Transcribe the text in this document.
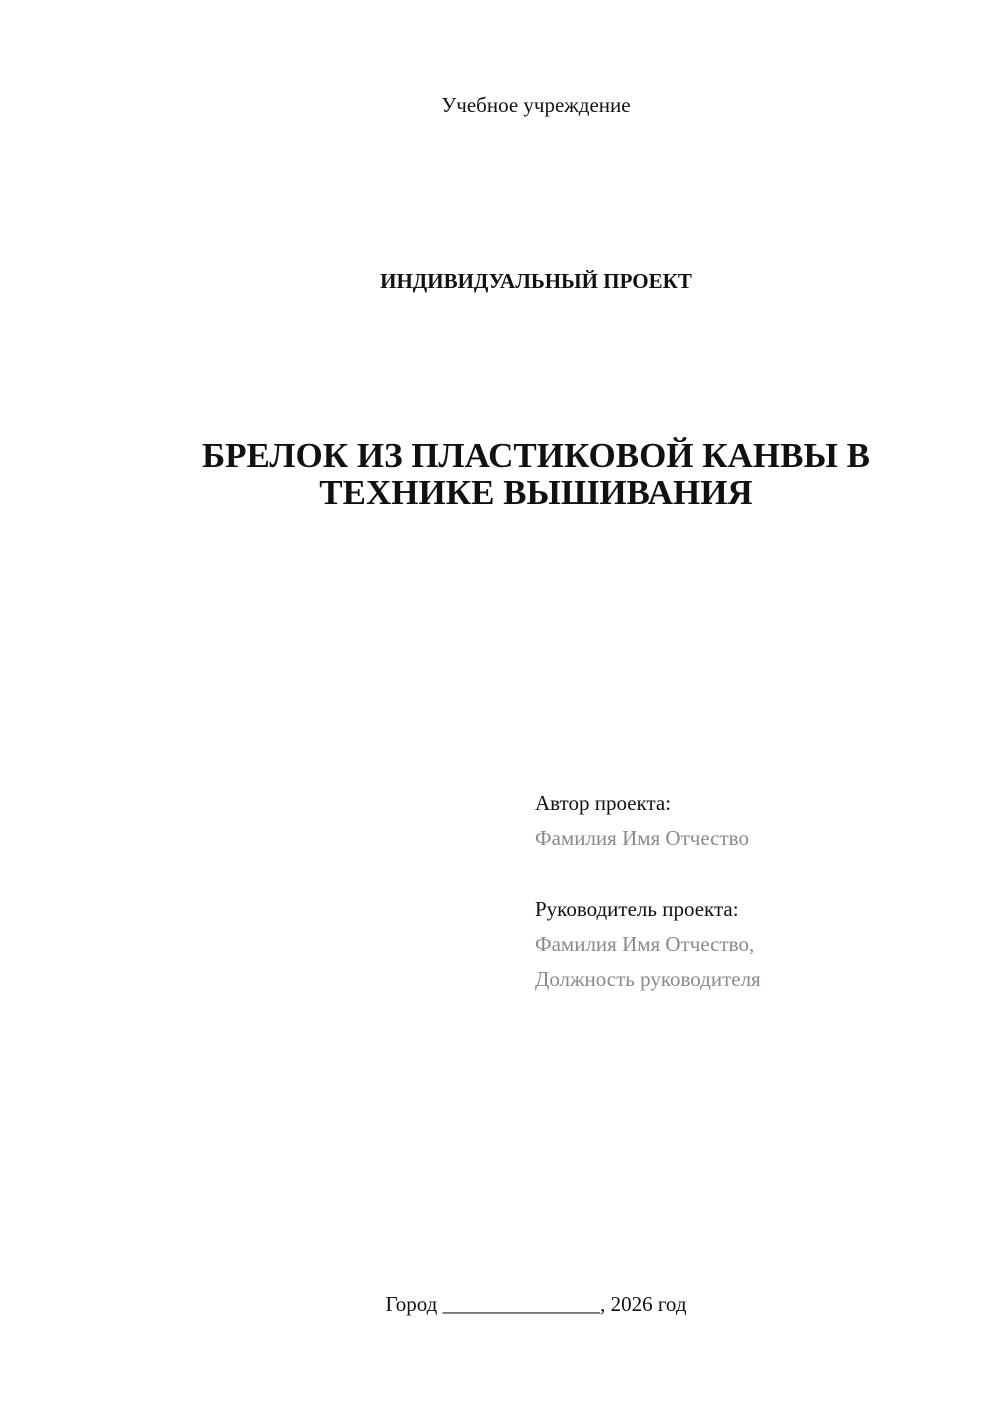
Учебное учреждение
ИНДИВИДУАЛЬНЫЙ ПРОЕКТ
БРЕЛОК ИЗ ПЛАСТИКОВОЙ КАНВЫ В
ТЕХНИКЕ ВЫШИВАНИЯ
Автор проекта:
Фамилия Имя Отчество
Руководитель проекта:
Фамилия Имя Отчество,
Должность руководителя
Город _______________, 2026 год
